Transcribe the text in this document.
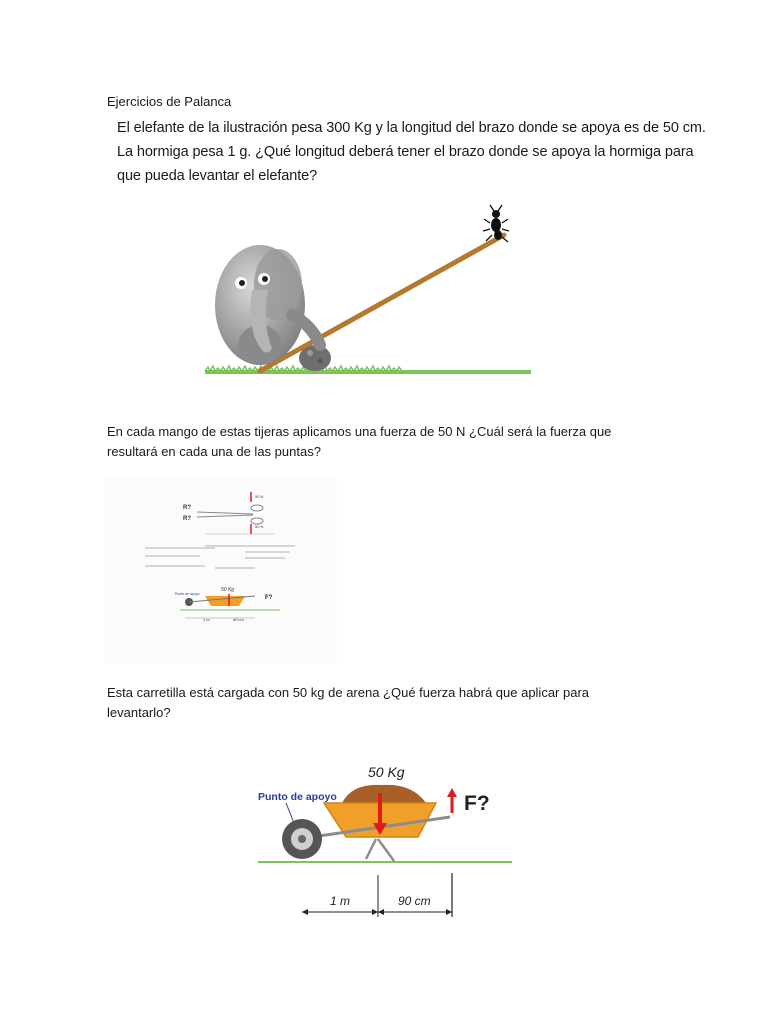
Ejercicios de Palanca
El elefante de la ilustración pesa 300 Kg y la longitud del brazo donde se apoya es de 50 cm.
La hormiga pesa 1 g. ¿Qué longitud deberá tener el brazo donde se apoya la hormiga para
que pueda levantar el elefante?
En cada mango de estas tijeras aplicamos una fuerza de 50 N ¿Cuál será la fuerza que
resultará en cada una de las puntas?
R?
R?
50 N
50 N
50 Kg
F?
Punto de apoyo
1 m	90 cm
Esta carretilla está cargada con 50 kg de arena ¿Qué fuerza habrá que aplicar para
levantarlo?
50 Kg
Punto de apoyo	F?
1 m	90 cm
